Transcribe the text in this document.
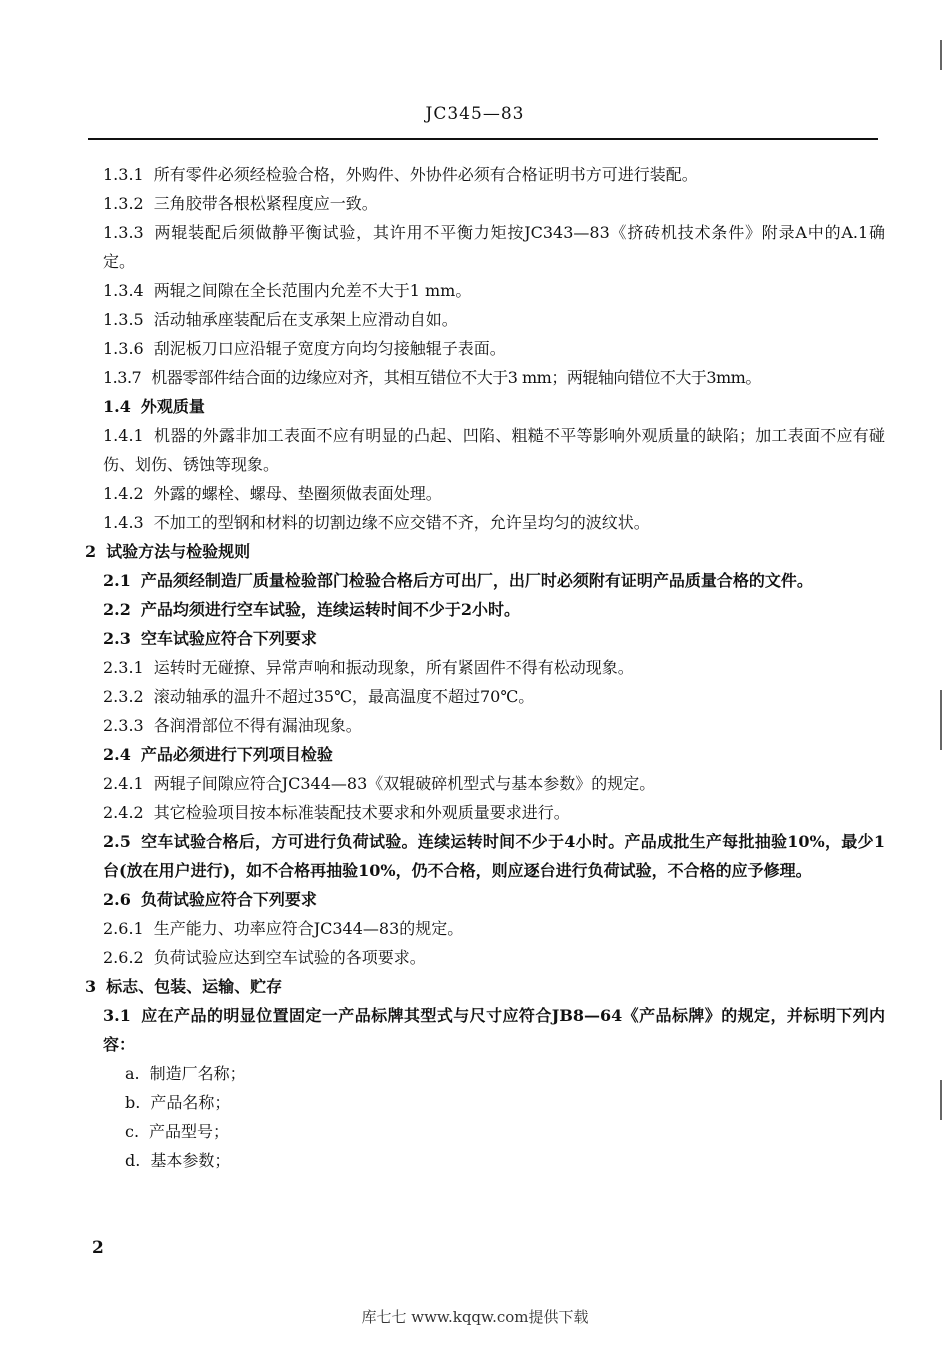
JC345—83

1.3.1 所有零件必须经检验合格，外购件、外协件必须有合格证明书方可进行装配。

1.3.2 三角胶带各根松紧程度应一致。

1.3.3 两辊装配后须做静平衡试验，其许用不平衡力矩按JC343—83《挤砖机技术条件》附录A中的A.1确定。

1.3.4 两辊之间隙在全长范围内允差不大于1 mm。

1.3.5 活动轴承座装配后在支承架上应滑动自如。

1.3.6 刮泥板刀口应沿辊子宽度方向均匀接触辊子表面。

1.3.7 机器零部件结合面的边缘应对齐，其相互错位不大于3 mm；两辊轴向错位不大于3mm。

1.4 外观质量

1.4.1 机器的外露非加工表面不应有明显的凸起、凹陷、粗糙不平等影响外观质量的缺陷；加工表面不应有碰伤、划伤、锈蚀等现象。

1.4.2 外露的螺栓、螺母、垫圈须做表面处理。

1.4.3 不加工的型钢和材料的切割边缘不应交错不齐，允许呈均匀的波纹状。

2 试验方法与检验规则

2.1 产品须经制造厂质量检验部门检验合格后方可出厂，出厂时必须附有证明产品质量合格的文件。

2.2 产品均须进行空车试验，连续运转时间不少于2小时。

2.3 空车试验应符合下列要求

2.3.1 运转时无碰撩、异常声响和振动现象，所有紧固件不得有松动现象。

2.3.2 滚动轴承的温升不超过35℃，最高温度不超过70℃。

2.3.3 各润滑部位不得有漏油现象。

2.4 产品必须进行下列项目检验

2.4.1 两辊子间隙应符合JC344—83《双辊破碎机型式与基本参数》的规定。

2.4.2 其它检验项目按本标准装配技术要求和外观质量要求进行。

2.5 空车试验合格后，方可进行负荷试验。连续运转时间不少于4小时。产品成批生产每批抽验10%，最少1台(放在用户进行)，如不合格再抽验10%，仍不合格，则应逐台进行负荷试验，不合格的应予修理。

2.6 负荷试验应符合下列要求

2.6.1 生产能力、功率应符合JC344—83的规定。

2.6.2 负荷试验应达到空车试验的各项要求。

3 标志、包装、运输、贮存

3.1 应在产品的明显位置固定一产品标牌其型式与尺寸应符合JB8—64《产品标牌》的规定，并标明下列内容：

a. 制造厂名称；

b. 产品名称；

c. 产品型号；

d. 基本参数；

2
库七七 www.kqqw.com提供下载
